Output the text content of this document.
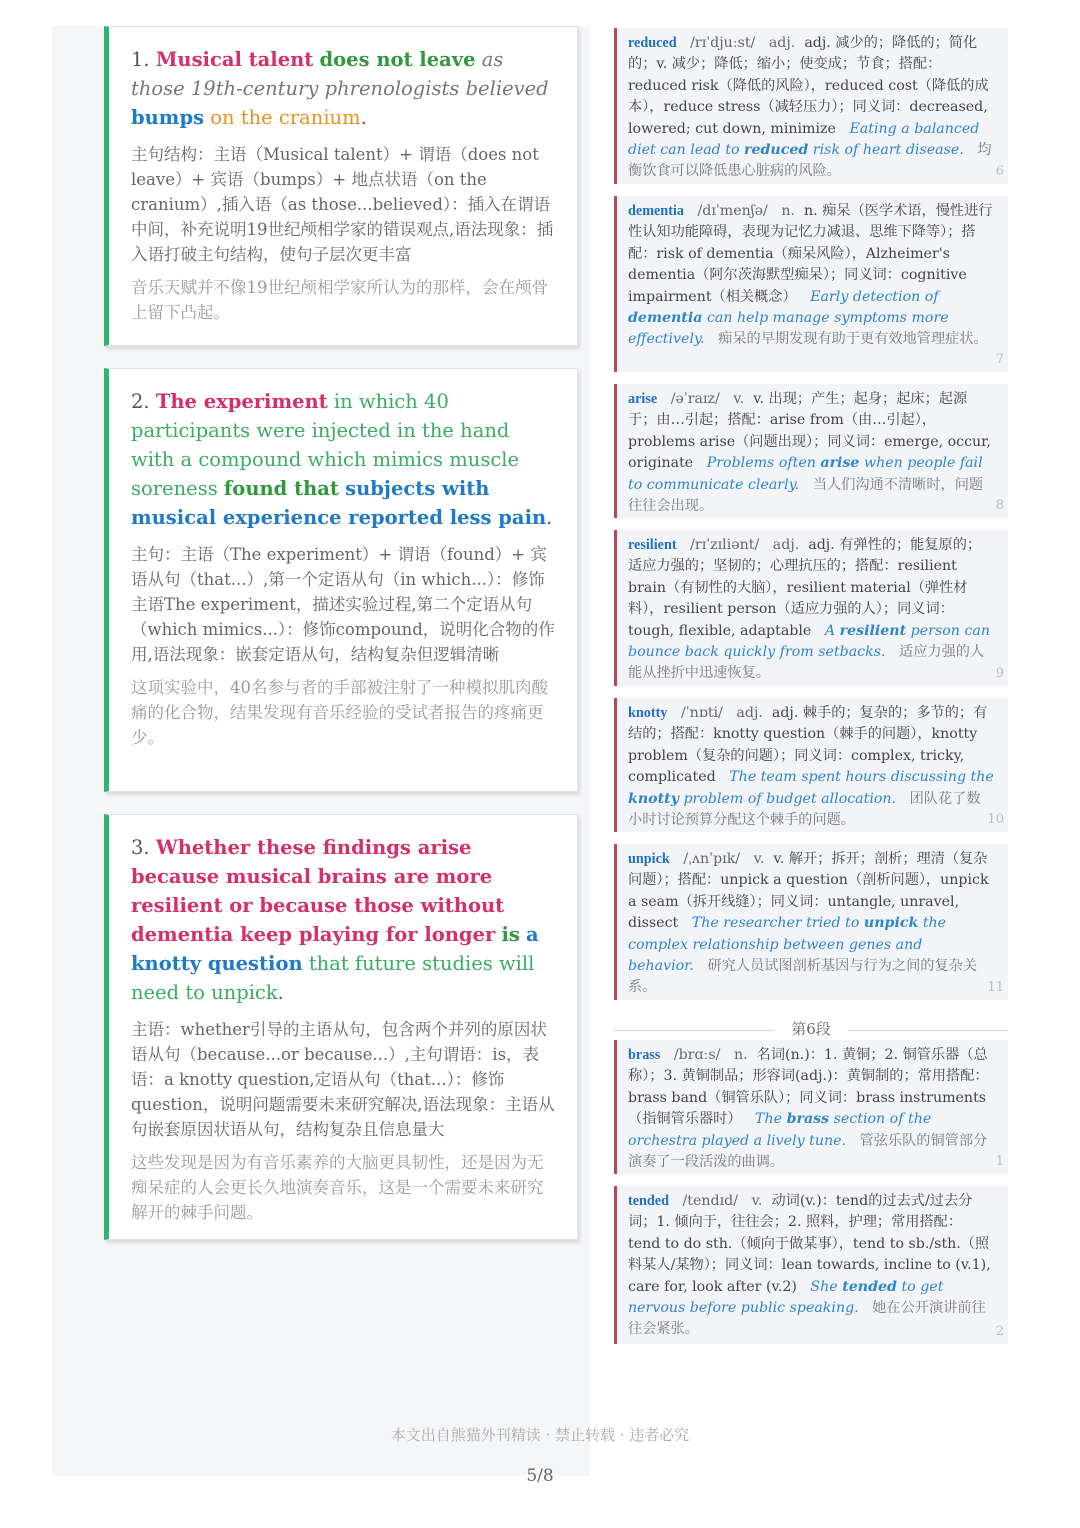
1. Musical talent does not leave as those 19th-century phrenologists believed bumps on the cranium.

主句结构：主语（Musical talent）+ 谓语（does not leave）+ 宾语（bumps）+ 地点状语（on the cranium）,插入语（as those...believed）：插入在谓语中间，补充说明19世纪颅相学家的错误观点,语法现象：插入语打破主句结构，使句子层次更丰富

音乐天赋并不像19世纪颅相学家所认为的那样，会在颅骨上留下凸起。

2. The experiment in which 40 participants were injected in the hand with a compound which mimics muscle soreness found that subjects with musical experience reported less pain.

主句：主语（The experiment）+ 谓语（found）+ 宾语从句（that...）,第一个定语从句（in which...）：修饰主语The experiment，描述实验过程,第二个定语从句（which mimics...）：修饰compound，说明化合物的作用,语法现象：嵌套定语从句，结构复杂但逻辑清晰

这项实验中，40名参与者的手部被注射了一种模拟肌肉酸痛的化合物，结果发现有音乐经验的受试者报告的疼痛更少。

3. Whether these findings arise because musical brains are more resilient or because those without dementia keep playing for longer is a knotty question that future studies will need to unpick.

主语：whether引导的主语从句，包含两个并列的原因状语从句（because...or because...）,主句谓语：is，表语：a knotty question,定语从句（that...）：修饰question，说明问题需要未来研究解决,语法现象：主语从句嵌套原因状语从句，结构复杂且信息量大

这些发现是因为有音乐素养的大脑更具韧性，还是因为无痴呆症的人会更长久地演奏音乐，这是一个需要未来研究解开的棘手问题。

reduced /rɪˈdjuːst/ adj. adj. 减少的；降低的；简化的；v. 减少；降低；缩小；使变成；节食；搭配：reduced risk（降低的风险），reduced cost（降低的成本），reduce stress（减轻压力）；同义词：decreased, lowered; cut down, minimize Eating a balanced diet can lead to reduced risk of heart disease. 均衡饮食可以降低患心脏病的风险。	6
dementia /dɪˈmenʃə/ n. n. 痴呆（医学术语，慢性进行性认知功能障碍，表现为记忆力减退、思维下降等）；搭配：risk of dementia（痴呆风险），Alzheimer's dementia（阿尔茨海默型痴呆）；同义词：cognitive impairment（相关概念） Early detection of dementia can help manage symptoms more effectively. 痴呆的早期发现有助于更有效地管理症状。
7
arise /əˈraɪz/ v. v. 出现；产生；起身；起床；起源于；由…引起；搭配：arise from（由…引起），problems arise（问题出现）；同义词：emerge, occur, originate Problems often arise when people fail to communicate clearly. 当人们沟通不清晰时，问题往往会出现。	8
resilient /rɪˈzɪliənt/ adj. adj. 有弹性的；能复原的；适应力强的；坚韧的；心理抗压的；搭配：resilient brain（有韧性的大脑），resilient material（弹性材料），resilient person（适应力强的人）；同义词：tough, flexible, adaptable A resilient person can bounce back quickly from setbacks. 适应力强的人能从挫折中迅速恢复。	9
knotty /ˈnɒti/ adj. adj. 棘手的；复杂的；多节的；有结的；搭配：knotty question（棘手的问题），knotty problem（复杂的问题）；同义词：complex, tricky, complicated The team spent hours discussing the knotty problem of budget allocation. 团队花了数小时讨论预算分配这个棘手的问题。	10
unpick /ˌʌnˈpɪk/ v. v. 解开；拆开；剖析；理清（复杂问题）；搭配：unpick a question（剖析问题），unpick a seam（拆开线缝）；同义词：untangle, unravel, dissect The researcher tried to unpick the complex relationship between genes and behavior. 研究人员试图剖析基因与行为之间的复杂关系。	11
第6段
brass /brɑːs/ n. 名词(n.)：1. 黄铜；2. 铜管乐器（总称）；3. 黄铜制品；形容词(adj.)：黄铜制的；常用搭配：brass band（铜管乐队）；同义词：brass instruments（指铜管乐器时） The brass section of the orchestra played a lively tune. 管弦乐队的铜管部分演奏了一段活泼的曲调。	1
tended /tendɪd/ v. 动词(v.)：tend的过去式/过去分词；1. 倾向于，往往会；2. 照料，护理；常用搭配：tend to do sth.（倾向于做某事），tend to sb./sth.（照料某人/某物）；同义词：lean towards, incline to (v.1), care for, look after (v.2) She tended to get nervous before public speaking. 她在公开演讲前往往会紧张。	2
本文出自熊猫外刊精读 · 禁止转载 · 违者必究
5/8
